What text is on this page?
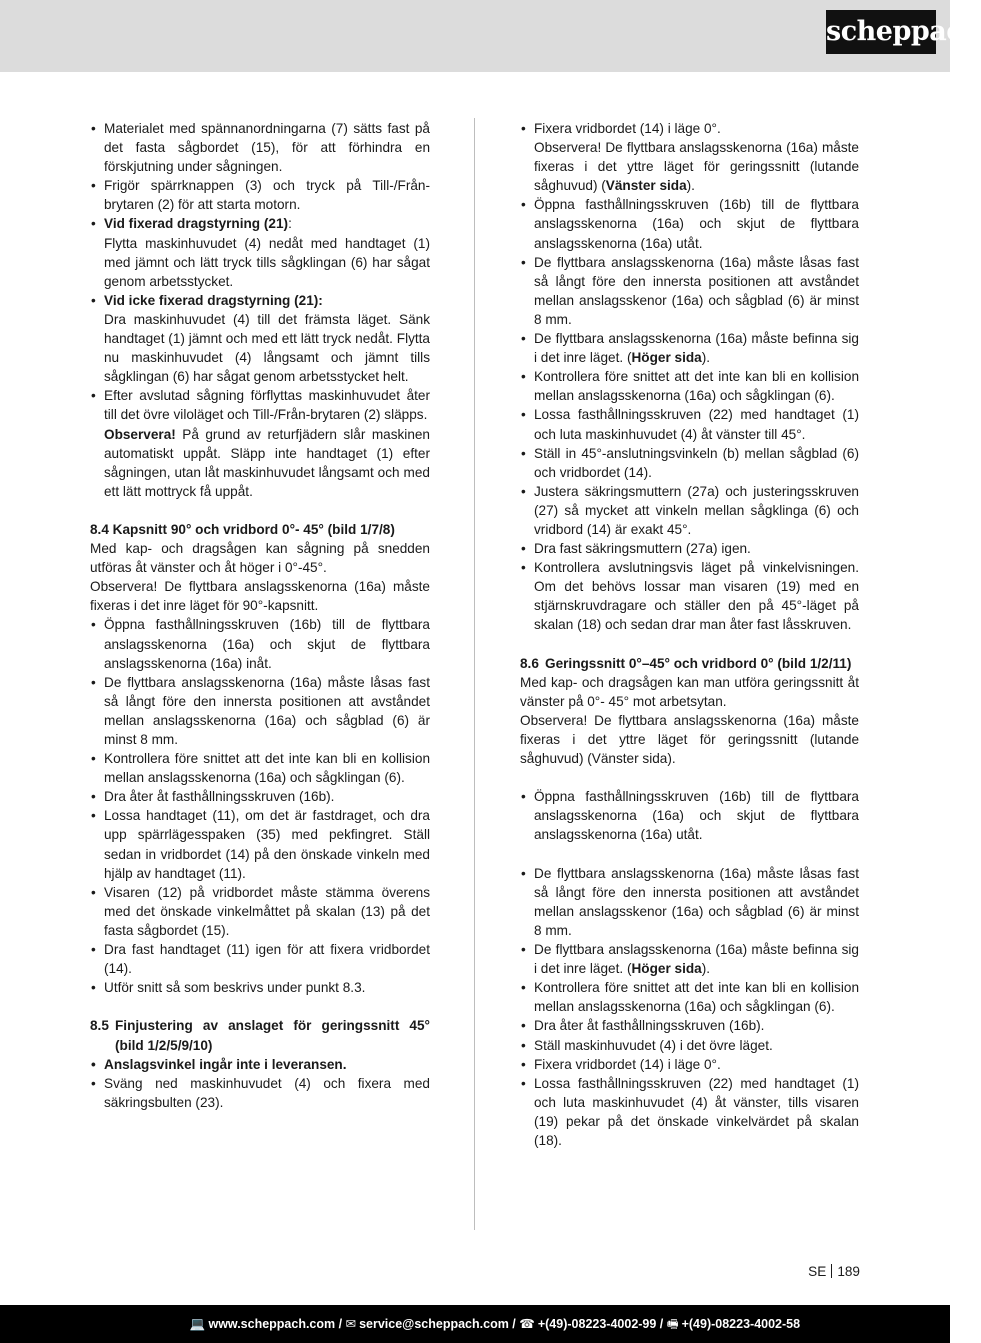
scheppach
• Materialet med spännanordningarna (7) sätts fast på det fasta sågbordet (15), för att förhindra en förskjutning under sågningen.
• Frigör spärrknappen (3) och tryck på Till-/Från-brytaren (2) för att starta motorn.
• Vid fixerad dragstyrning (21):
Flytta maskinhuvudet (4) nedåt med handtaget (1) med jämnt och lätt tryck tills sågklingan (6) har sågat genom arbetsstycket.
• Vid icke fixerad dragstyrning (21):
Dra maskinhuvudet (4) till det främsta läget. Sänk handtaget (1) jämnt och med ett lätt tryck nedåt. Flytta nu maskinhuvudet (4) långsamt och jämnt tills sågklingan (6) har sågat genom arbetsstycket helt.
• Efter avslutad sågning förflyttas maskinhuvudet åter till det övre viloläget och Till-/Från-brytaren (2) släpps.
Observera! På grund av returfjädern slår maskinen automatiskt uppåt. Släpp inte handtaget (1) efter sågningen, utan låt maskinhuvudet långsamt och med ett lätt mottryck få uppåt.

8.4 Kapsnitt 90° och vridbord 0°- 45° (bild 1/7/8)

Med kap- och dragsågen kan sågning på snedden utföras åt vänster och åt höger i 0°-45°.

Observera! De flyttbara anslagsskenorna (16a) måste fixeras i det inre läget för 90°-kapsnitt.

• Öppna fasthållningsskruven (16b) till de flyttbara anslagsskenorna (16a) och skjut de flyttbara anslagsskenorna (16a) inåt.
• De flyttbara anslagsskenorna (16a) måste låsas fast så långt före den innersta positionen att avståndet mellan anslagsskenorna (16a) och sågblad (6) är minst 8 mm.
• Kontrollera före snittet att det inte kan bli en kollision mellan anslagsskenorna (16a) och sågklingan (6).
• Dra åter åt fasthållningsskruven (16b).
• Lossa handtaget (11), om det är fastdraget, och dra upp spärrlägesspaken (35) med pekfingret. Ställ sedan in vridbordet (14) på den önskade vinkeln med hjälp av handtaget (11).
• Visaren (12) på vridbordet måste stämma överens med det önskade vinkelmåttet på skalan (13) på det fasta sågbordet (15).
• Dra fast handtaget (11) igen för att fixera vridbordet (14).
• Utför snitt så som beskrivs under punkt 8.3.
8.5 Finjustering av anslaget för geringssnitt 45° (bild 1/2/5/9/10)
• Anslagsvinkel ingår inte i leveransen.
• Sväng ned maskinhuvudet (4) och fixera med säkringsbulten (23).
• Fixera vridbordet (14) i läge 0°.
Observera! De flyttbara anslagsskenorna (16a) måste fixeras i det yttre läget för geringssnitt (lutande såghuvud) (Vänster sida).
• Öppna fasthållningsskruven (16b) till de flyttbara anslagsskenorna (16a) och skjut de flyttbara anslagsskenorna (16a) utåt.
• De flyttbara anslagsskenorna (16a) måste låsas fast så långt före den innersta positionen att avståndet mellan anslagsskenor (16a) och sågblad (6) är minst 8 mm.
• De flyttbara anslagsskenorna (16a) måste befinna sig i det inre läget. (Höger sida).
• Kontrollera före snittet att det inte kan bli en kollision mellan anslagsskenorna (16a) och sågklingan (6).
• Lossa fasthållningsskruven (22) med handtaget (1) och luta maskinhuvudet (4) åt vänster till 45°.
• Ställ in 45°-anslutningsvinkeln (b) mellan sågblad (6) och vridbordet (14).
• Justera säkringsmuttern (27a) och justeringsskruven (27) så mycket att vinkeln mellan sågklinga (6) och vridbord (14) är exakt 45°.
• Dra fast säkringsmuttern (27a) igen.
• Kontrollera avslutningsvis läget på vinkelvisningen. Om det behövs lossar man visaren (19) med en stjärnskruvdragare och ställer den på 45°-läget på skalan (18) och sedan drar man åter fast låsskruven.
8.6 Geringssnitt 0°–45° och vridbord 0° (bild 1/2/11)

Med kap- och dragsågen kan man utföra geringssnitt åt vänster på 0°- 45° mot arbetsytan.

Observera! De flyttbara anslagsskenorna (16a) måste fixeras i det yttre läget för geringssnitt (lutande såghuvud) (Vänster sida).

• Öppna fasthållningsskruven (16b) till de flyttbara anslagsskenorna (16a) och skjut de flyttbara anslagsskenorna (16a) utåt.
• De flyttbara anslagsskenorna (16a) måste låsas fast så långt före den innersta positionen att avståndet mellan anslagsskenor (16a) och sågblad (6) är minst 8 mm.
• De flyttbara anslagsskenorna (16a) måste befinna sig i det inre läget. (Höger sida).
• Kontrollera före snittet att det inte kan bli en kollision mellan anslagsskenorna (16a) och sågklingan (6).
• Dra åter åt fasthållningsskruven (16b).
• Ställ maskinhuvudet (4) i det övre läget.
• Fixera vridbordet (14) i läge 0°.
• Lossa fasthållningsskruven (22) med handtaget (1) och luta maskinhuvudet (4) åt vänster, tills visaren (19) pekar på det önskade vinkelvärdet på skalan (18).
SE 189
💻 www.scheppach.com / ✉ service@scheppach.com / ☎ +(49)-08223-4002-99 / 🖷 +(49)-08223-4002-58
